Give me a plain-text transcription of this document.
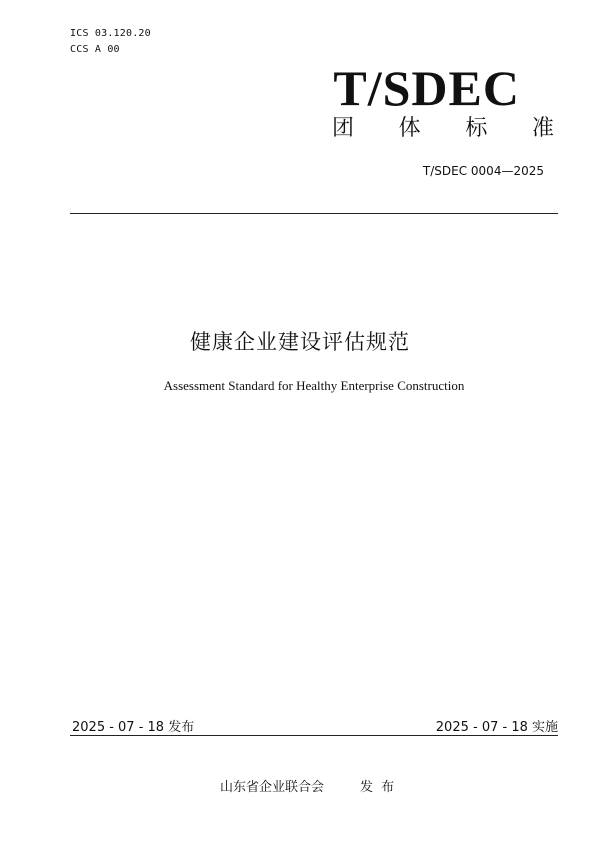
ICS 03.120.20
CCS A 00
T/SDEC
团 体 标 准
T/SDEC 0004—2025
健康企业建设评估规范
Assessment Standard for Healthy Enterprise Construction
2025 - 07 - 18 发布	2025 - 07 - 18 实施
山东省企业联合会	发 布
